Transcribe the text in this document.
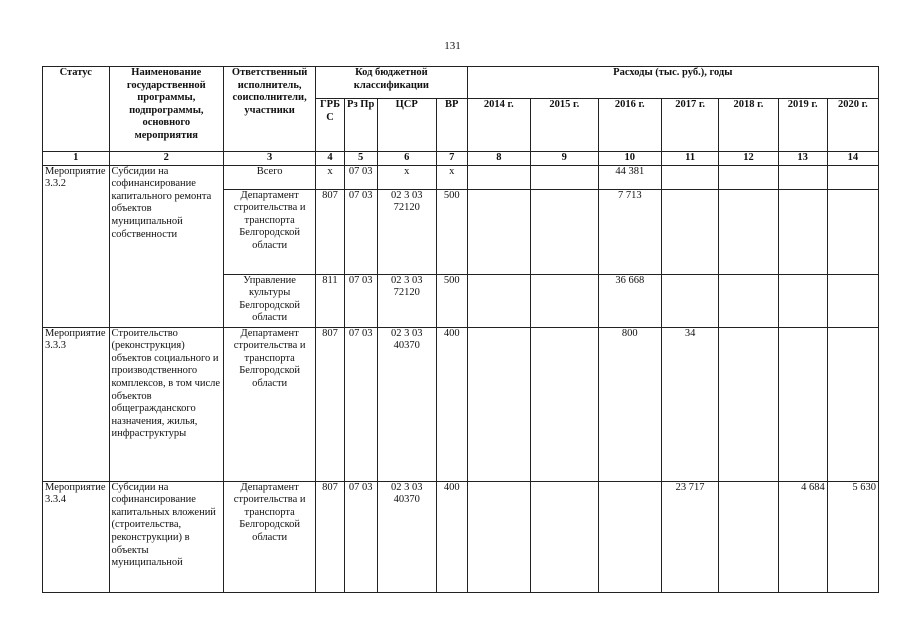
131
Статус	Наименование государственной программы, подпрограммы, основного мероприятия	Ответственный исполнитель, соисполнители, участники	Код бюджетной классификации				Расходы (тыс. руб.), годы						
			ГРБ С	Рз Пр	ЦСР	ВР	2014 г.	2015 г.	2016 г.	2017 г.	2018 г.	2019 г.	2020 г.
1	2	3	4	5	6	7	8	9	10	11	12	13	14
Мероприятие 3.3.2	Субсидии на софинансирование капитального ремонта объектов муниципальной собственности	Всего	х	07 03	х	х			44 381				
		Департамент строительства и транспорта Белгородской области	807	07 03	02 3 03 72120	500			7 713				
		Управление культуры Белгородской области	811	07 03	02 3 03 72120	500			36 668				
Мероприятие 3.3.3	Строительство (реконструкция) объектов социального и производственного комплексов, в том числе объектов общегражданского назначения, жилья, инфраструктуры	Департамент строительства и транспорта Белгородской области	807	07 03	02 3 03 40370	400			800	34			
Мероприятие 3.3.4	Субсидии на софинансирование капитальных вложений (строительства, реконструкции) в объекты муниципальной	Департамент строительства и транспорта Белгородской области	807	07 03	02 3 03 40370	400				23 717		4 684	5 630
